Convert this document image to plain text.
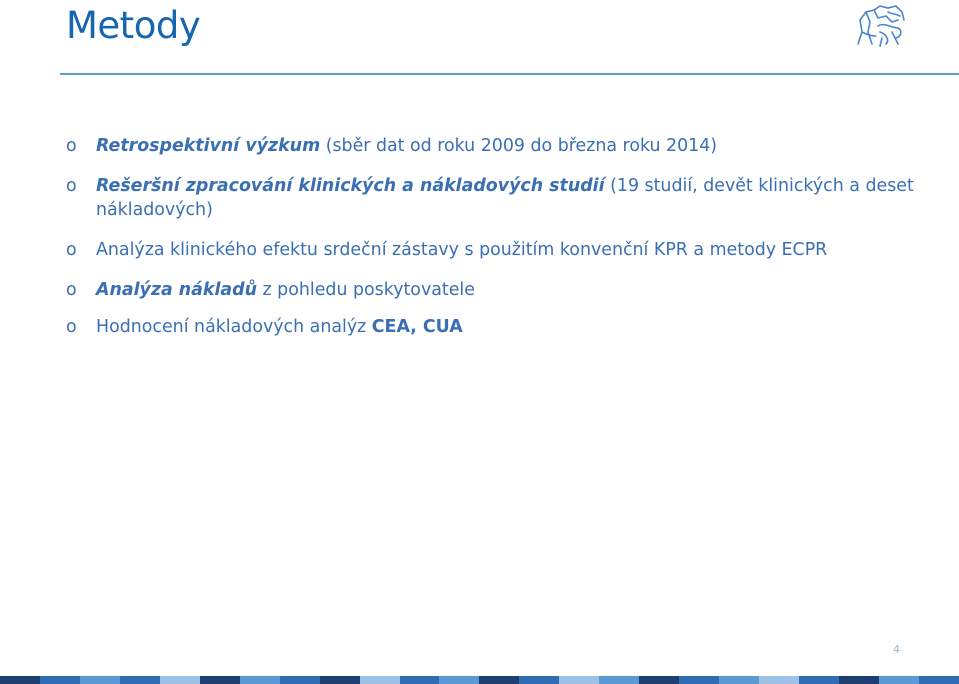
Metody
o Retrospektivní výzkum (sběr dat od roku 2009 do března roku 2014)
o Rešeršní zpracování klinických a nákladových studií (19 studií, devět klinických a deset nákladových)
o Analýza klinického efektu srdeční zástavy s použitím konvenční KPR a metody ECPR
o Analýza nákladů z pohledu poskytovatele
o Hodnocení nákladových analýz CEA, CUA
4
